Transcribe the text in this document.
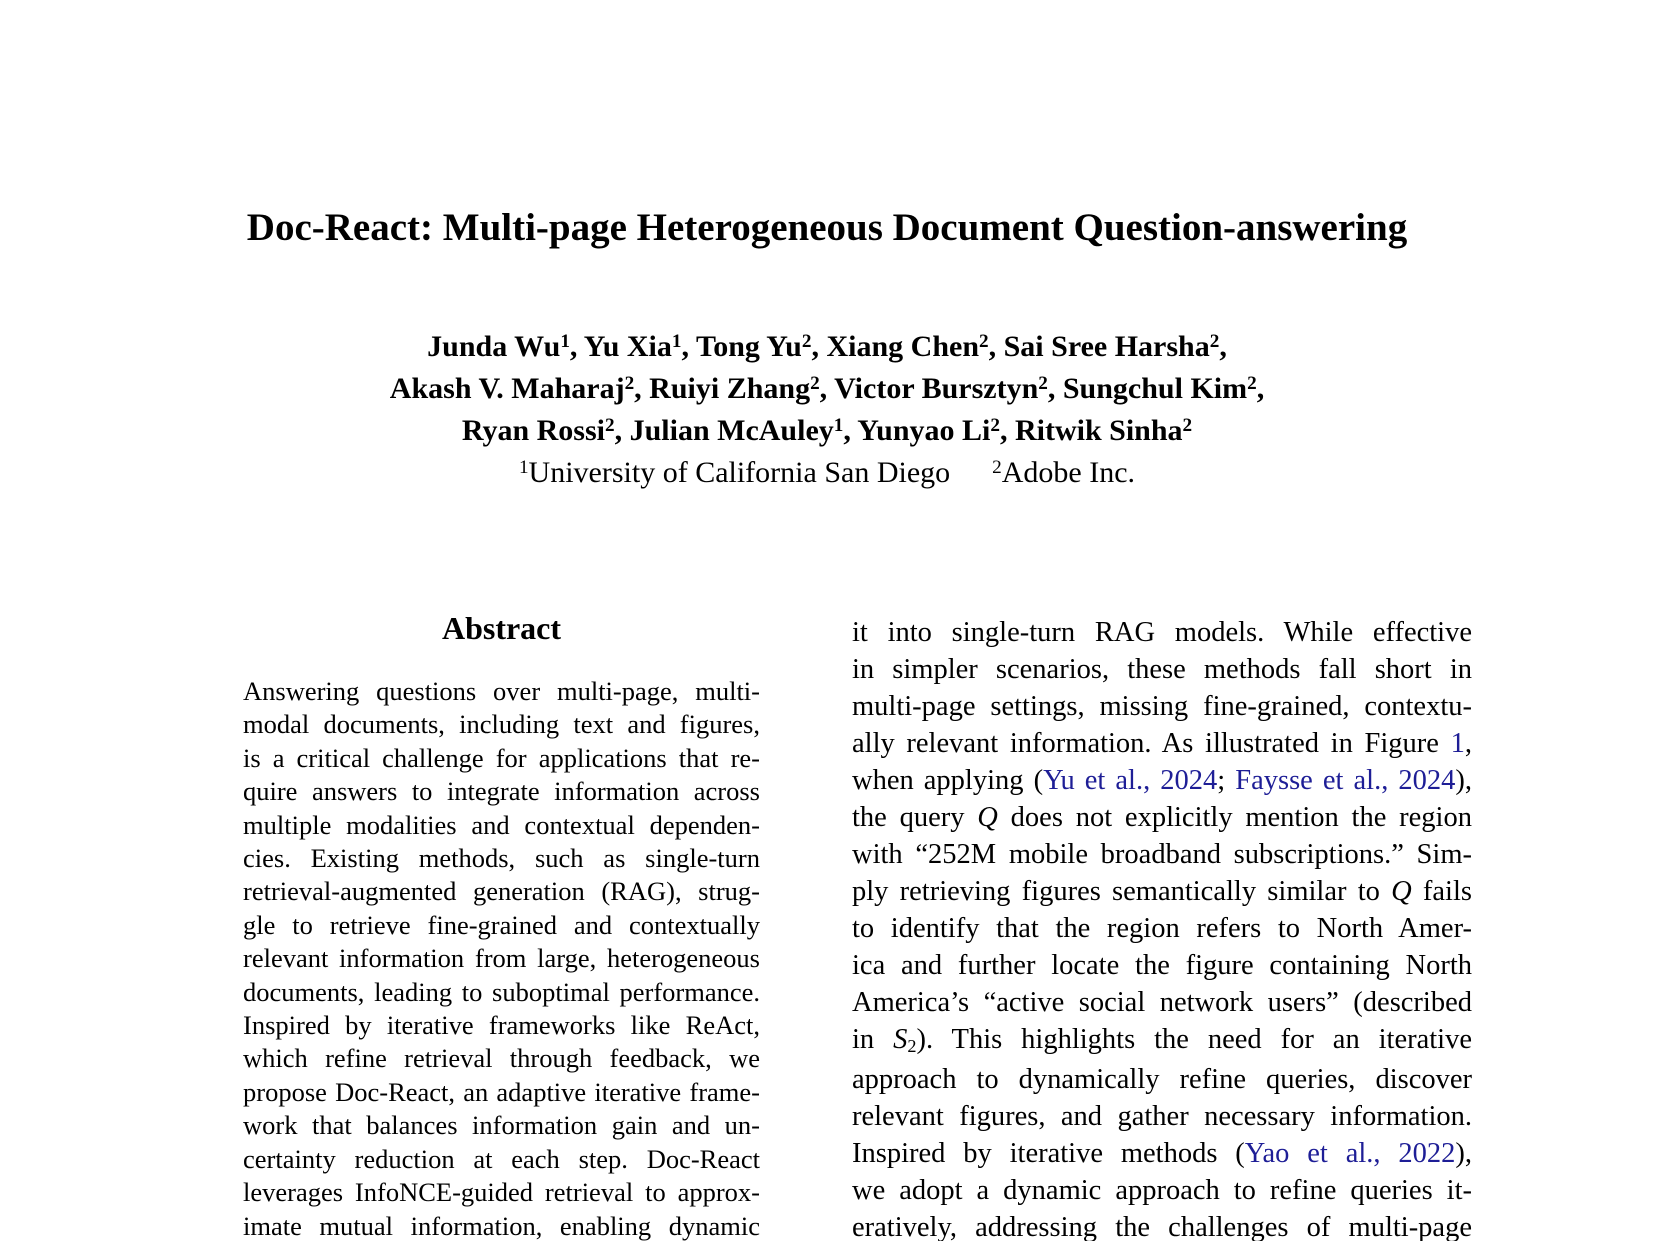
Doc-React: Multi-page Heterogeneous Document Question-answering
Junda Wu$^1$, Yu Xia$^1$, Tong Yu$^2$, Xiang Chen$^2$, Sai Sree Harsha$^2$,
Akash V. Maharaj$^2$, Ruiyi Zhang$^2$, Victor Bursztyn$^2$, Sungchul Kim$^2$,
Ryan Rossi$^2$, Julian McAuley$^1$, Yunyao Li$^2$, Ritwik Sinha$^2$
$^1$University of California San Diego $^2$Adobe Inc.
Abstract
Answering questions over multi-page, multi-
modal documents, including text and figures,
is a critical challenge for applications that re-
quire answers to integrate information across
multiple modalities and contextual dependen-
cies. Existing methods, such as single-turn
retrieval-augmented generation (RAG), strug-
gle to retrieve fine-grained and contextually
relevant information from large, heterogeneous
documents, leading to suboptimal performance.
Inspired by iterative frameworks like ReAct,
which refine retrieval through feedback, we
propose Doc-React, an adaptive iterative frame-
work that balances information gain and un-
certainty reduction at each step. Doc-React
leverages InfoNCE-guided retrieval to approx-
imate mutual information, enabling dynamic
it into single-turn RAG models. While effective
in simpler scenarios, these methods fall short in
multi-page settings, missing fine-grained, contextu-
ally relevant information. As illustrated in Figure 1,
when applying (Yu et al., 2024; Faysse et al., 2024),
the query Q does not explicitly mention the region
with “252M mobile broadband subscriptions.” Sim-
ply retrieving figures semantically similar to Q fails
to identify that the region refers to North Amer-
ica and further locate the figure containing North
America’s “active social network users” (described
in S2). This highlights the need for an iterative
approach to dynamically refine queries, discover
relevant figures, and gather necessary information.
Inspired by iterative methods (Yao et al., 2022),
we adopt a dynamic approach to refine queries it-
eratively, addressing the challenges of multi-page
